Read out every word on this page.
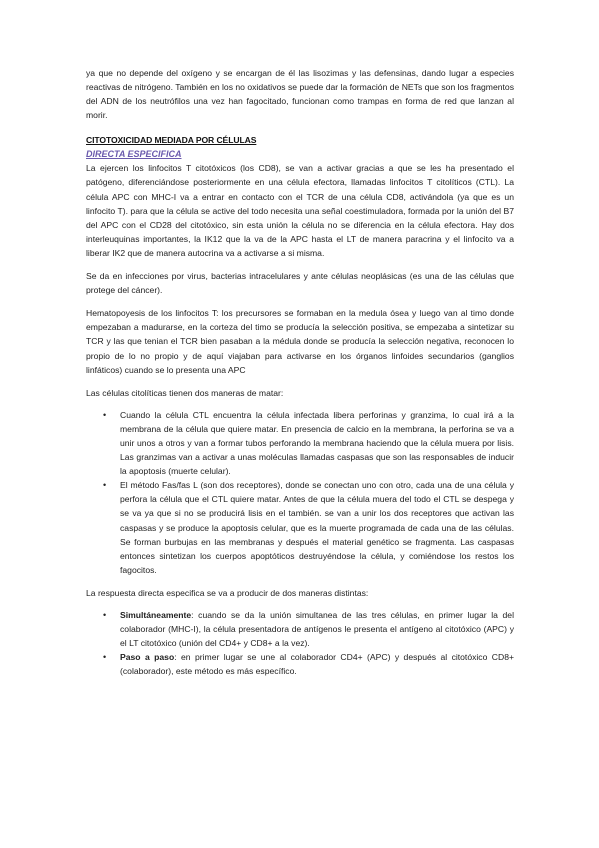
ya que no depende del oxígeno y se encargan de él las lisozimas y las defensinas, dando lugar a especies reactivas de nitrógeno. También en los no oxidativos se puede dar la formación de NETs que son los fragmentos del ADN de los neutrófilos una vez han fagocitado, funcionan como trampas en forma de red que lanzan al morir.

CITOTOXICIDAD MEDIADA POR CÉLULAS
DIRECTA ESPECIFICA

La ejercen los linfocitos T citotóxicos (los CD8), se van a activar gracias a que se les ha presentado el patógeno, diferenciándose posteriormente en una célula efectora, llamadas linfocitos T citolíticos (CTL). La célula APC con MHC-I va a entrar en contacto con el TCR de una célula CD8, activándola (ya que es un linfocito T). para que la célula se active del todo necesita una señal coestimuladora, formada por la unión del B7 del APC con el CD28 del citotóxico, sin esta unión la célula no se diferencia en la célula efectora. Hay dos interleuquinas importantes, la IK12 que la va de la APC hasta el LT de manera paracrina y el linfocito va a liberar IK2 que de manera autocrina va a activarse a si misma.

Se da en infecciones por virus, bacterias intracelulares y ante células neoplásicas (es una de las células que protege del cáncer).

Hematopoyesis de los linfocitos T: los precursores se formaban en la medula ósea y luego van al timo donde empezaban a madurarse, en la corteza del timo se producía la selección positiva, se empezaba a sintetizar su TCR y las que tenian el TCR bien pasaban a la médula donde se producía la selección negativa, reconocen lo propio de lo no propio y de aquí viajaban para activarse en los órganos linfoides secundarios (ganglios linfáticos) cuando se lo presenta una APC

Las células citolíticas tienen dos maneras de matar:

• Cuando la célula CTL encuentra la célula infectada libera perforinas y granzima, lo cual irá a la membrana de la célula que quiere matar. En presencia de calcio en la membrana, la perforina se va a unir unos a otros y van a formar tubos perforando la membrana haciendo que la célula muera por lisis. Las granzimas van a activar a unas moléculas llamadas caspasas que son las responsables de inducir la apoptosis (muerte celular).
• El método Fas/fas L (son dos receptores), donde se conectan uno con otro, cada una de una célula y perfora la célula que el CTL quiere matar. Antes de que la célula muera del todo el CTL se despega y se va ya que si no se producirá lisis en el también. se van a unir los dos receptores que activan las caspasas y se produce la apoptosis celular, que es la muerte programada de cada una de las células. Se forman burbujas en las membranas y después el material genético se fragmenta. Las caspasas entonces sintetizan los cuerpos apoptóticos destruyéndose la célula, y comiéndose los restos los fagocitos.

La respuesta directa especifica se va a producir de dos maneras distintas:

• Simultáneamente: cuando se da la unión simultanea de las tres células, en primer lugar la del colaborador (MHC-I), la célula presentadora de antígenos le presenta el antígeno al citotóxico (APC) y el LT citotóxico (unión del CD4+ y CD8+ a la vez).
• Paso a paso: en primer lugar se une al colaborador CD4+ (APC) y después al citotóxico CD8+ (colaborador), este método es más específico.
